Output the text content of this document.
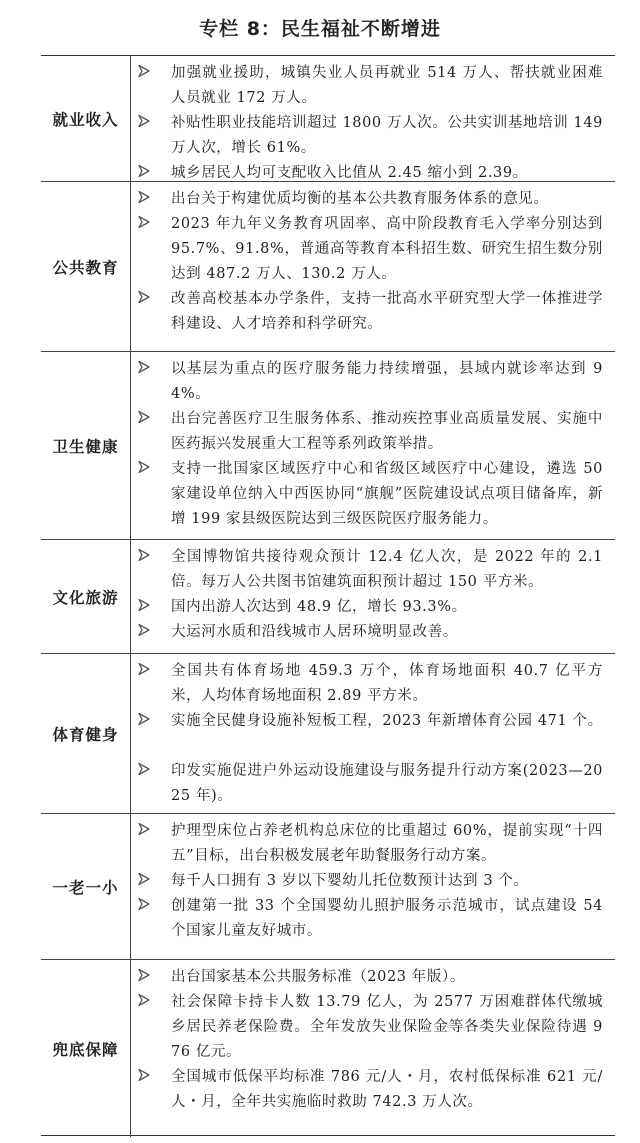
专栏 8：民生福祉不断增进
就业收入
加强就业援助，城镇失业人员再就业 514 万人、帮扶就业困难人员就业 172 万人。
补贴性职业技能培训超过 1800 万人次。公共实训基地培训 149 万人次，增长 61%。
城乡居民人均可支配收入比值从 2.45 缩小到 2.39。
公共教育
出台关于构建优质均衡的基本公共教育服务体系的意见。
2023 年九年义务教育巩固率、高中阶段教育毛入学率分别达到 95.7%、91.8%，普通高等教育本科招生数、研究生招生数分别达到 487.2 万人、130.2 万人。
改善高校基本办学条件，支持一批高水平研究型大学一体推进学科建设、人才培养和科学研究。
卫生健康
以基层为重点的医疗服务能力持续增强，县域内就诊率达到 94%。
出台完善医疗卫生服务体系、推动疾控事业高质量发展、实施中医药振兴发展重大工程等系列政策举措。
支持一批国家区域医疗中心和省级区域医疗中心建设，遴选 50 家建设单位纳入中西医协同“旗舰”医院建设试点项目储备库，新增 199 家县级医院达到三级医院医疗服务能力。
文化旅游
全国博物馆共接待观众预计 12.4 亿人次，是 2022 年的 2.1 倍。每万人公共图书馆建筑面积预计超过 150 平方米。
国内出游人次达到 48.9 亿，增长 93.3%。
大运河水质和沿线城市人居环境明显改善。
体育健身
全国共有体育场地 459.3 万个，体育场地面积 40.7 亿平方米，人均体育场地面积 2.89 平方米。
实施全民健身设施补短板工程，2023 年新增体育公园 471 个。
印发实施促进户外运动设施建设与服务提升行动方案(2023—2025 年)。
一老一小
护理型床位占养老机构总床位的比重超过 60%，提前实现“十四五”目标，出台积极发展老年助餐服务行动方案。
每千人口拥有 3 岁以下婴幼儿托位数预计达到 3 个。
创建第一批 33 个全国婴幼儿照护服务示范城市，试点建设 54 个国家儿童友好城市。
兜底保障
出台国家基本公共服务标准（2023 年版）。
社会保障卡持卡人数 13.79 亿人，为 2577 万困难群体代缴城乡居民养老保险费。全年发放失业保险金等各类失业保险待遇 976 亿元。
全国城市低保平均标准 786 元/人・月，农村低保标准 621 元/人・月，全年共实施临时救助 742.3 万人次。
